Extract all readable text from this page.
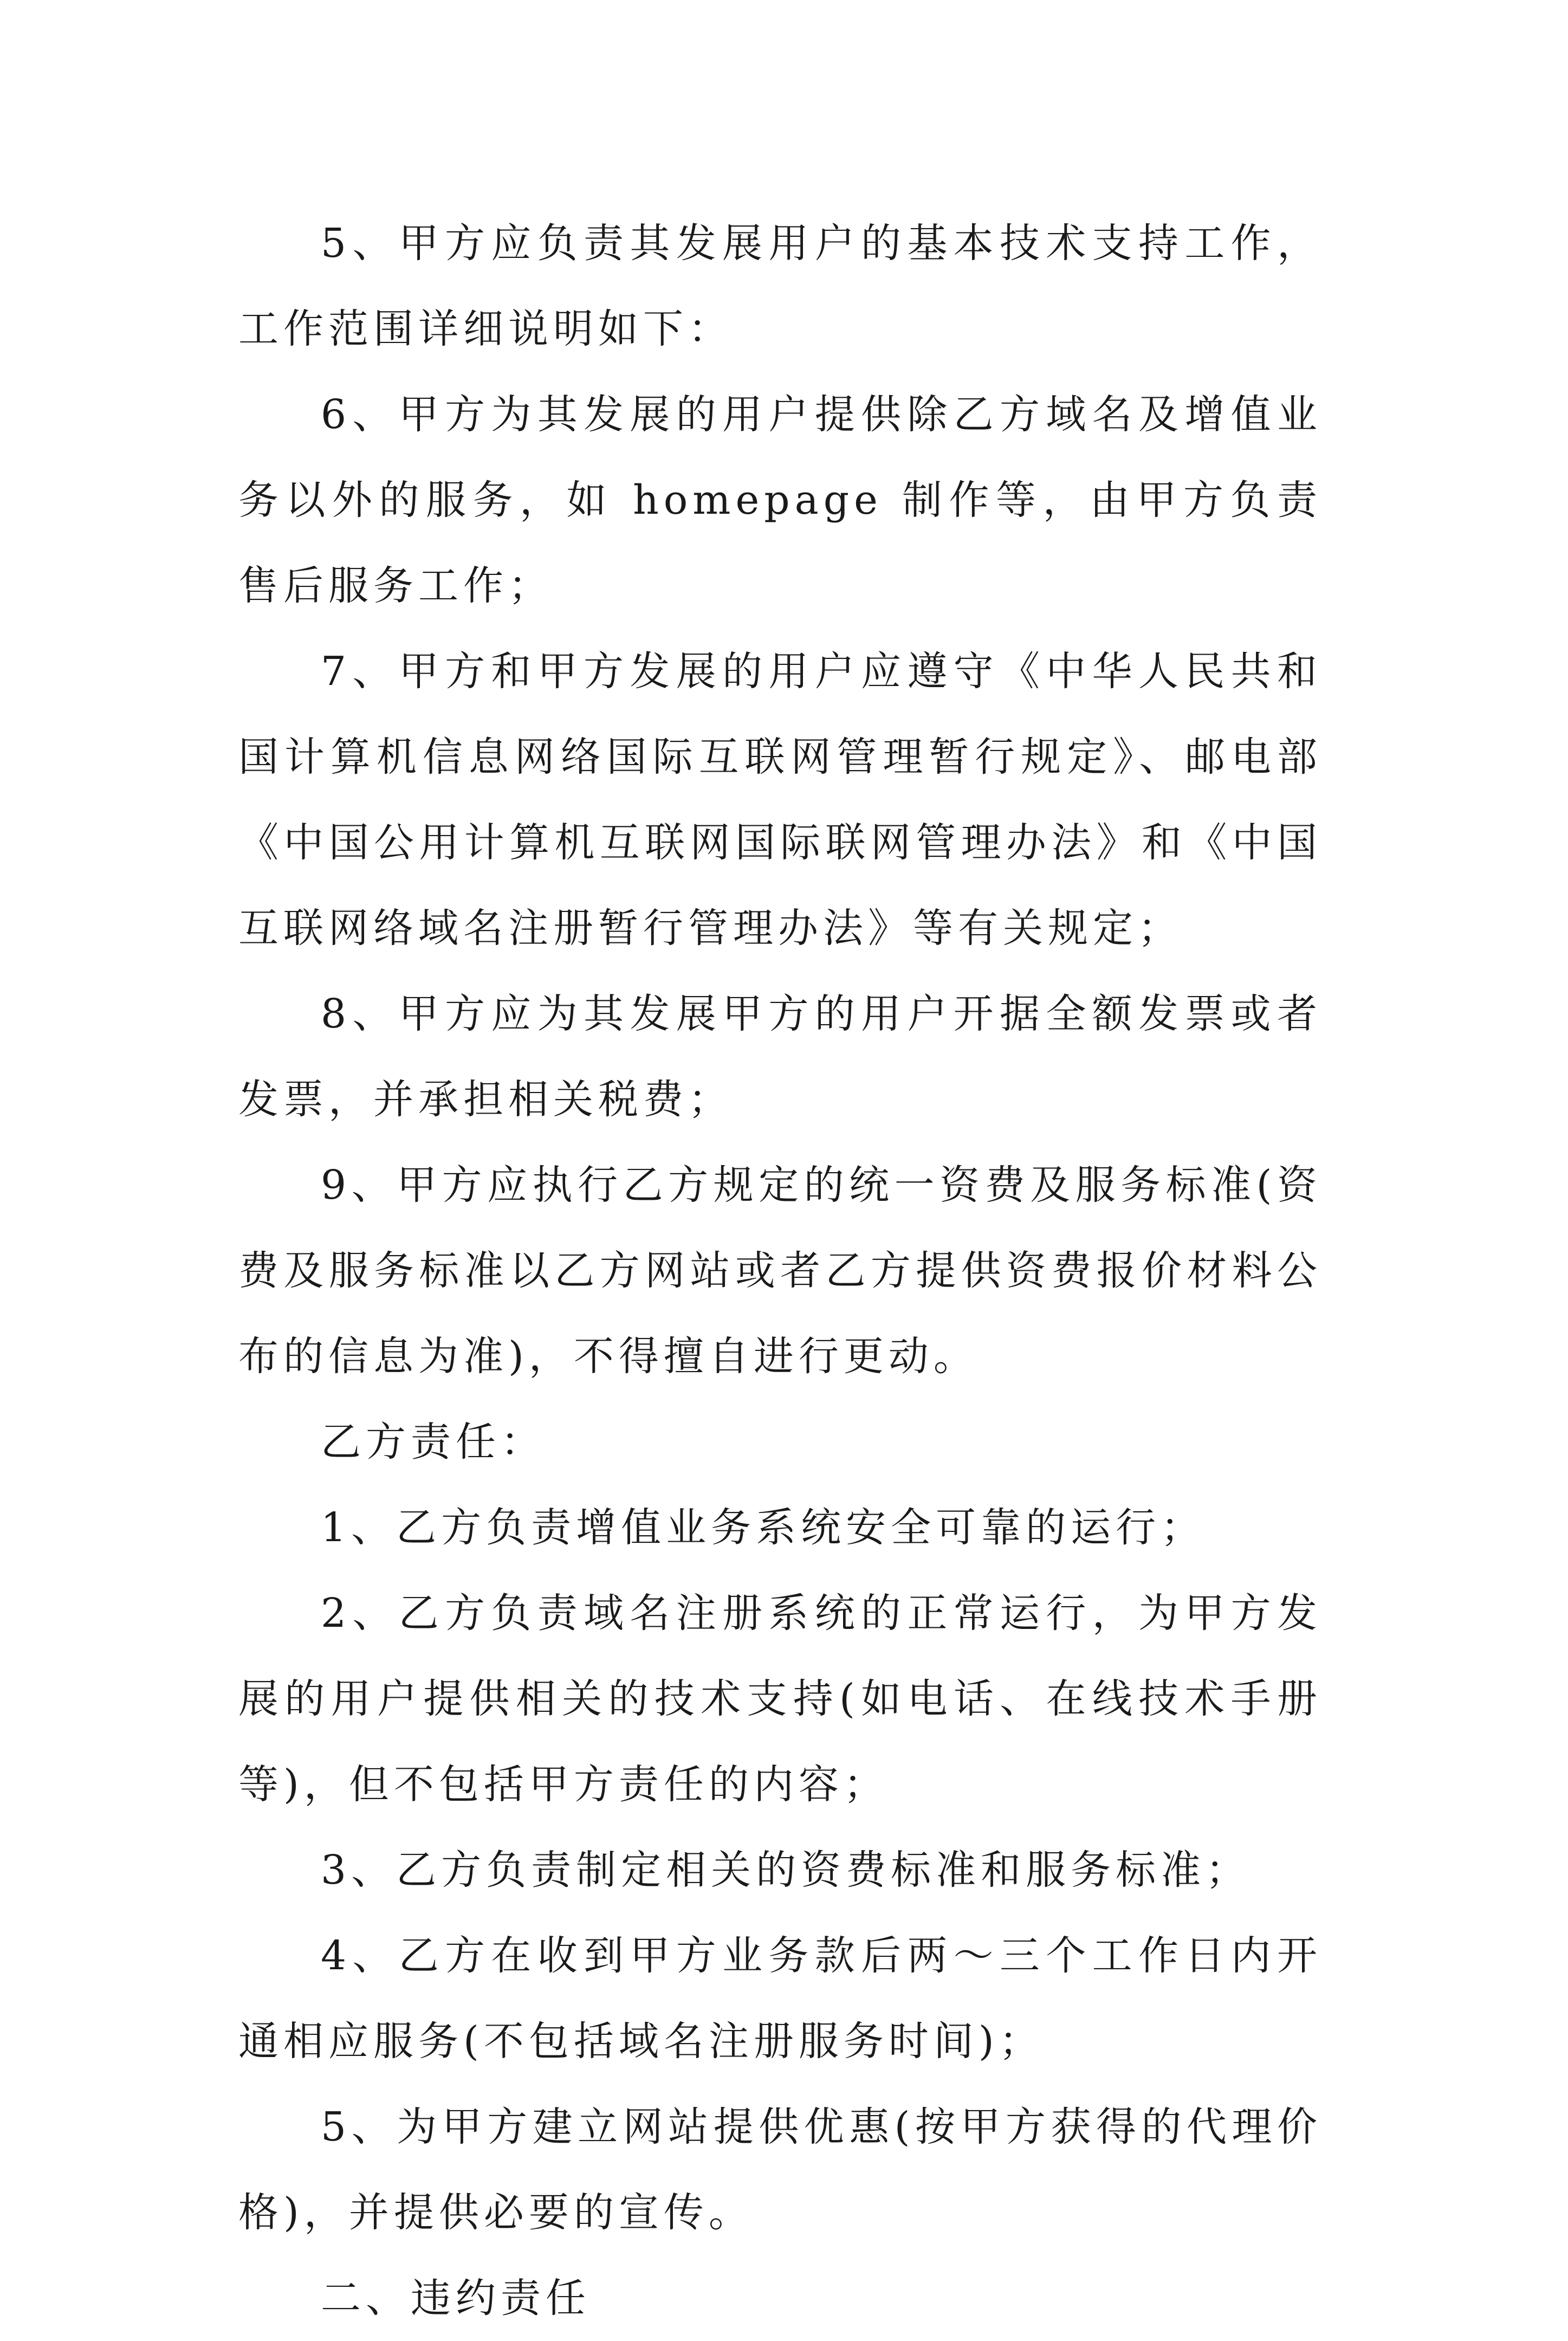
5、甲方应负责其发展用户的基本技术支持工作，工作范围详细说明如下：

6、甲方为其发展的用户提供除乙方域名及增值业务以外的服务，如 homepage 制作等，由甲方负责售后服务工作；

7、甲方和甲方发展的用户应遵守《中华人民共和国计算机信息网络国际互联网管理暂行规定》、邮电部《中国公用计算机互联网国际联网管理办法》和《中国互联网络域名注册暂行管理办法》等有关规定；

8、甲方应为其发展甲方的用户开据全额发票或者发票，并承担相关税费；

9、甲方应执行乙方规定的统一资费及服务标准(资费及服务标准以乙方网站或者乙方提供资费报价材料公布的信息为准)，不得擅自进行更动。

乙方责任：

1、乙方负责增值业务系统安全可靠的运行；

2、乙方负责域名注册系统的正常运行，为甲方发展的用户提供相关的技术支持(如电话、在线技术手册等)，但不包括甲方责任的内容；

3、乙方负责制定相关的资费标准和服务标准；

4、乙方在收到甲方业务款后两～三个工作日内开通相应服务(不包括域名注册服务时间)；

5、为甲方建立网站提供优惠(按甲方获得的代理价格)，并提供必要的宣传。

二、违约责任
